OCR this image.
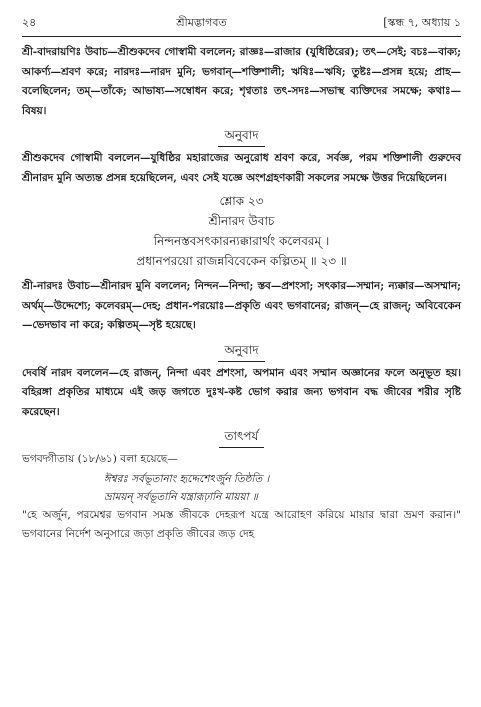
২৪	শ্রীমদ্ভাগবত	[স্কন্ধ ৭, অধ্যায় ১

শ্রী-বাদরায়ণিঃ উবাচ—শ্রীশুকদেব গোস্বামী বললেন; রাজ্ঞঃ—রাজার (যুধিষ্ঠিরের); তৎ—সেই; বচঃ—বাক্য; আকর্ণ্য—শ্রবণ করে; নারদঃ—নারদ মুনি; ভগবান্—শক্তিশালী; ঋষিঃ—ঋষি; তুষ্টঃ—প্রসন্ন হয়ে; প্রাহ—বলেছিলেন; তম্—তাঁকে; আভাষ্য—সম্বোধন করে; শৃণ্বতাঃ তৎ-সদঃ—সভাস্থ ব্যক্তিদের সমক্ষে; কথাঃ—বিষয়।

অনুবাদ

শ্রীশুকদেব গোস্বামী বললেন—যুধিষ্ঠির মহারাজের অনুরোধ শ্রবণ করে, সর্বজ্ঞ, পরম শক্তিশালী গুরুদেব শ্রীনারদ মুনি অত্যন্ত প্রসন্ন হয়েছিলেন, এবং সেই যজ্ঞে অংশগ্রহণকারী সকলের সমক্ষে উত্তর দিয়েছিলেন।

শ্লোক ২৩
শ্রীনারদ উবাচ
নিন্দনস্তবসৎকারন্যক্কারার্থং কলেবরম্ ।
প্রধানপরয়ো রাজন্নবিবেকেন কল্পিতম্ ॥ ২৩ ॥

শ্রী-নারদঃ উবাচ—শ্রীনারদ মুনি বললেন; নিন্দন—নিন্দা; স্তব—প্রশংসা; সৎকার—সম্মান; ন্যক্কার—অসম্মান; অর্থম্—উদ্দেশ্যে; কলেবরম্—দেহ; প্রধান-পরয়োঃ—প্রকৃতি এবং ভগবানের; রাজন্—হে রাজন্; অবিবেকেন—ভেদভাব না করে; কল্পিতম্—সৃষ্ট হয়েছে।

অনুবাদ

দেবর্ষি নারদ বললেন—হে রাজন্, নিন্দা এবং প্রশংসা, অপমান এবং সম্মান অজ্ঞানের ফলে অনুভূত হয়। বহিরঙ্গা প্রকৃতির মাধ্যমে এই জড় জগতে দুঃখ-কষ্ট ভোগ করার জন্য ভগবান বদ্ধ জীবের শরীর সৃষ্টি করেছেন।

তাৎপর্য

ভগবদ্গীতায় (১৮/৬১) বলা হয়েছে—

ঈশ্বরঃ সর্বভূতানাং হৃদ্দেশেঽর্জুন তিষ্ঠতি ।

ভ্রাময়ন্ সর্বভূতানি যন্ত্রারূঢ়ানি মায়য়া ॥

"হে অর্জুন, পরমেশ্বর ভগবান সমস্ত জীবকে দেহরূপ যন্ত্রে আরোহণ করিয়ে মায়ার দ্বারা ভ্রমণ করান।" ভগবানের নির্দেশ অনুসারে জড়া প্রকৃতি জীবের জড় দেহ
